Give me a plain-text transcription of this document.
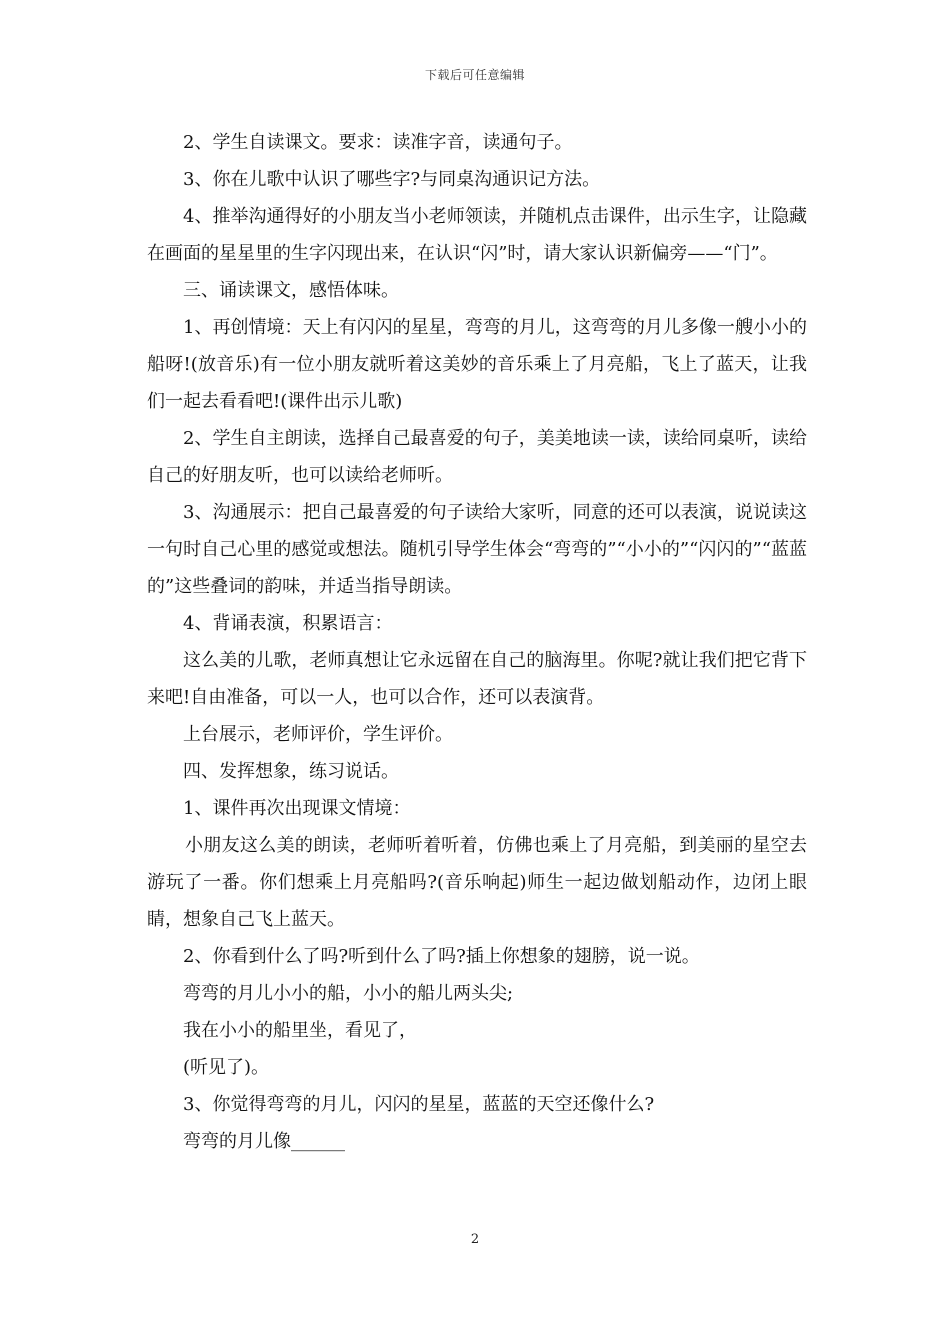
下载后可任意编辑

2、学生自读课文。要求：读准字音，读通句子。

3、你在儿歌中认识了哪些字?与同桌沟通识记方法。

4、推举沟通得好的小朋友当小老师领读，并随机点击课件，出示生字，让隐藏在画面的星星里的生字闪现出来，在认识“闪”时，请大家认识新偏旁——“门”。

三、诵读课文，感悟体味。

1、再创情境：天上有闪闪的星星，弯弯的月儿，这弯弯的月儿多像一艘小小的船呀!(放音乐)有一位小朋友就听着这美妙的音乐乘上了月亮船，飞上了蓝天，让我们一起去看看吧!(课件出示儿歌)

2、学生自主朗读，选择自己最喜爱的句子，美美地读一读，读给同桌听，读给自己的好朋友听，也可以读给老师听。

3、沟通展示：把自己最喜爱的句子读给大家听，同意的还可以表演，说说读这一句时自己心里的感觉或想法。随机引导学生体会“弯弯的”“小小的”“闪闪的”“蓝蓝的”这些叠词的韵味，并适当指导朗读。

4、背诵表演，积累语言：

这么美的儿歌，老师真想让它永远留在自己的脑海里。你呢?就让我们把它背下来吧!自由准备，可以一人，也可以合作，还可以表演背。

上台展示，老师评价，学生评价。

四、发挥想象，练习说话。

1、课件再次出现课文情境：

小朋友这么美的朗读，老师听着听着，仿佛也乘上了月亮船，到美丽的星空去游玩了一番。你们想乘上月亮船吗?(音乐响起)师生一起边做划船动作，边闭上眼睛，想象自己飞上蓝天。

2、你看到什么了吗?听到什么了吗?插上你想象的翅膀，说一说。

弯弯的月儿小小的船，小小的船儿两头尖;

我在小小的船里坐，看见了，

(听见了)。

3、你觉得弯弯的月儿，闪闪的星星，蓝蓝的天空还像什么?

弯弯的月儿像______

2
